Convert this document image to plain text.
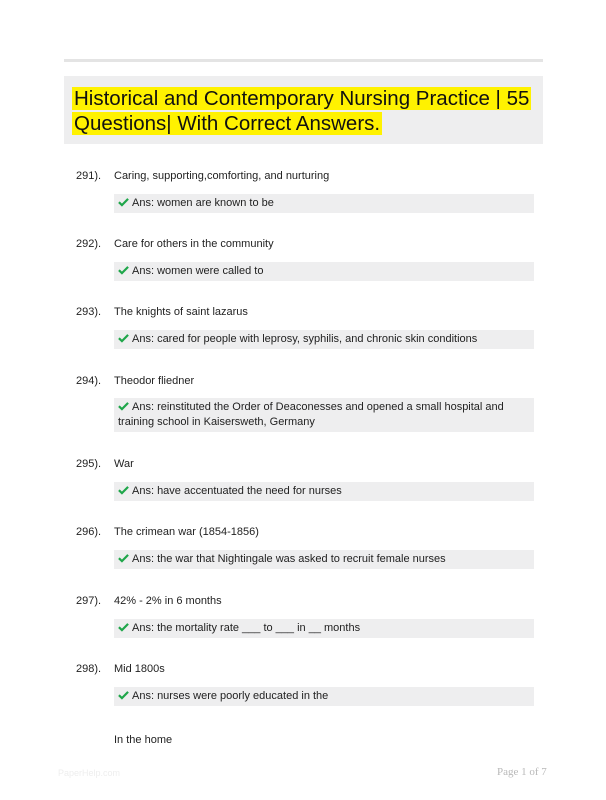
Historical and Contemporary Nursing Practice | 55 Questions| With Correct Answers.
291). Caring, supporting,comforting, and nurturing
Ans: women are known to be
292). Care for others in the community
Ans: women were called to
293). The knights of saint lazarus
Ans: cared for people with leprosy, syphilis, and chronic skin conditions
294). Theodor fliedner
Ans: reinstituted the Order of Deaconesses and opened a small hospital and training school in Kaisersweth, Germany
295). War
Ans: have accentuated the need for nurses
296). The crimean war (1854-1856)
Ans: the war that Nightingale was asked to recruit female nurses
297). 42% - 2% in 6 months
Ans: the mortality rate ___ to ___ in __ months
298). Mid 1800s
Ans: nurses were poorly educated in the
In the home
PaperHelp.com	Page 1 of 7
